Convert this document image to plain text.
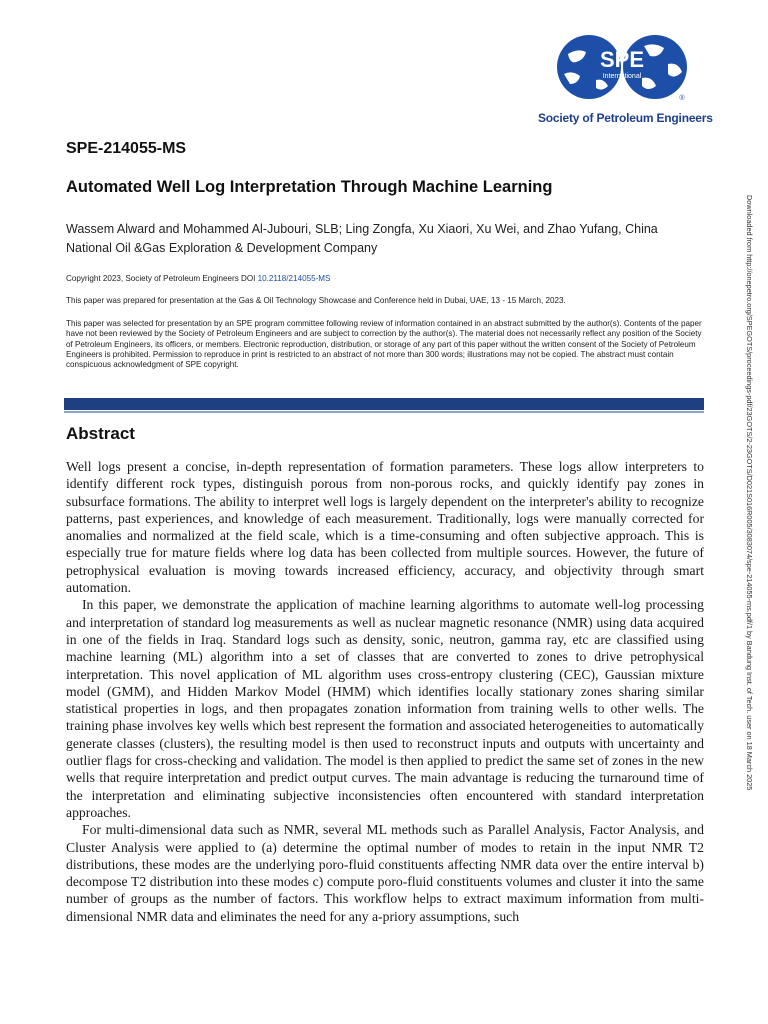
SPE
International
®
Society of Petroleum Engineers
SPE-214055-MS
Automated Well Log Interpretation Through Machine Learning
Wassem Alward and Mohammed Al-Jubouri, SLB; Ling Zongfa, Xu Xiaori, Xu Wei, and Zhao Yufang, China
National Oil &Gas Exploration & Development Company
Copyright 2023, Society of Petroleum Engineers DOI 10.2118/214055-MS
This paper was prepared for presentation at the Gas & Oil Technology Showcase and Conference held in Dubai, UAE, 13 - 15 March, 2023.
This paper was selected for presentation by an SPE program committee following review of information contained in an abstract submitted by the author(s). Contents of the paper have not been reviewed by the Society of Petroleum Engineers and are subject to correction by the author(s). The material does not necessarily reflect any position of the Society of Petroleum Engineers, its officers, or members. Electronic reproduction, distribution, or storage of any part of this paper without the written consent of the Society of Petroleum Engineers is prohibited. Permission to reproduce in print is restricted to an abstract of not more than 300 words; illustrations may not be copied. The abstract must contain conspicuous acknowledgment of SPE copyright.
Abstract

Well logs present a concise, in-depth representation of formation parameters. These logs allow interpreters to identify different rock types, distinguish porous from non-porous rocks, and quickly identify pay zones in subsurface formations. The ability to interpret well logs is largely dependent on the interpreter's ability to recognize patterns, past experiences, and knowledge of each measurement. Traditionally, logs were manually corrected for anomalies and normalized at the field scale, which is a time-consuming and often subjective approach. This is especially true for mature fields where log data has been collected from multiple sources. However, the future of petrophysical evaluation is moving towards increased efficiency, accuracy, and objectivity through smart automation.

In this paper, we demonstrate the application of machine learning algorithms to automate well-log processing and interpretation of standard log measurements as well as nuclear magnetic resonance (NMR) using data acquired in one of the fields in Iraq. Standard logs such as density, sonic, neutron, gamma ray, etc are classified using machine learning (ML) algorithm into a set of classes that are converted to zones to drive petrophysical interpretation. This novel application of ML algorithm uses cross-entropy clustering (CEC), Gaussian mixture model (GMM), and Hidden Markov Model (HMM) which identifies locally stationary zones sharing similar statistical properties in logs, and then propagates zonation information from training wells to other wells. The training phase involves key wells which best represent the formation and associated heterogeneities to automatically generate classes (clusters), the resulting model is then used to reconstruct inputs and outputs with uncertainty and outlier flags for cross-checking and validation. The model is then applied to predict the same set of zones in the new wells that require interpretation and predict output curves. The main advantage is reducing the turnaround time of the interpretation and eliminating subjective inconsistencies often encountered with standard interpretation approaches.

For multi-dimensional data such as NMR, several ML methods such as Parallel Analysis, Factor Analysis, and Cluster Analysis were applied to (a) determine the optimal number of modes to retain in the input NMR T2 distributions, these modes are the underlying poro-fluid constituents affecting NMR data over the entire interval b) decompose T2 distribution into these modes c) compute poro-fluid constituents volumes and cluster it into the same number of groups as the number of factors. This workflow helps to extract maximum information from multi-dimensional NMR data and eliminates the need for any a-priory assumptions, such

Downloaded from http://onepetro.org/SPEGOTS/proceedings-pdf/23GOTS/2-23GOTS/D021S016R005/3083074/spe-214055-ms.pdf/1 by Bandung Inst. of Tech. user on 18 March 2025
